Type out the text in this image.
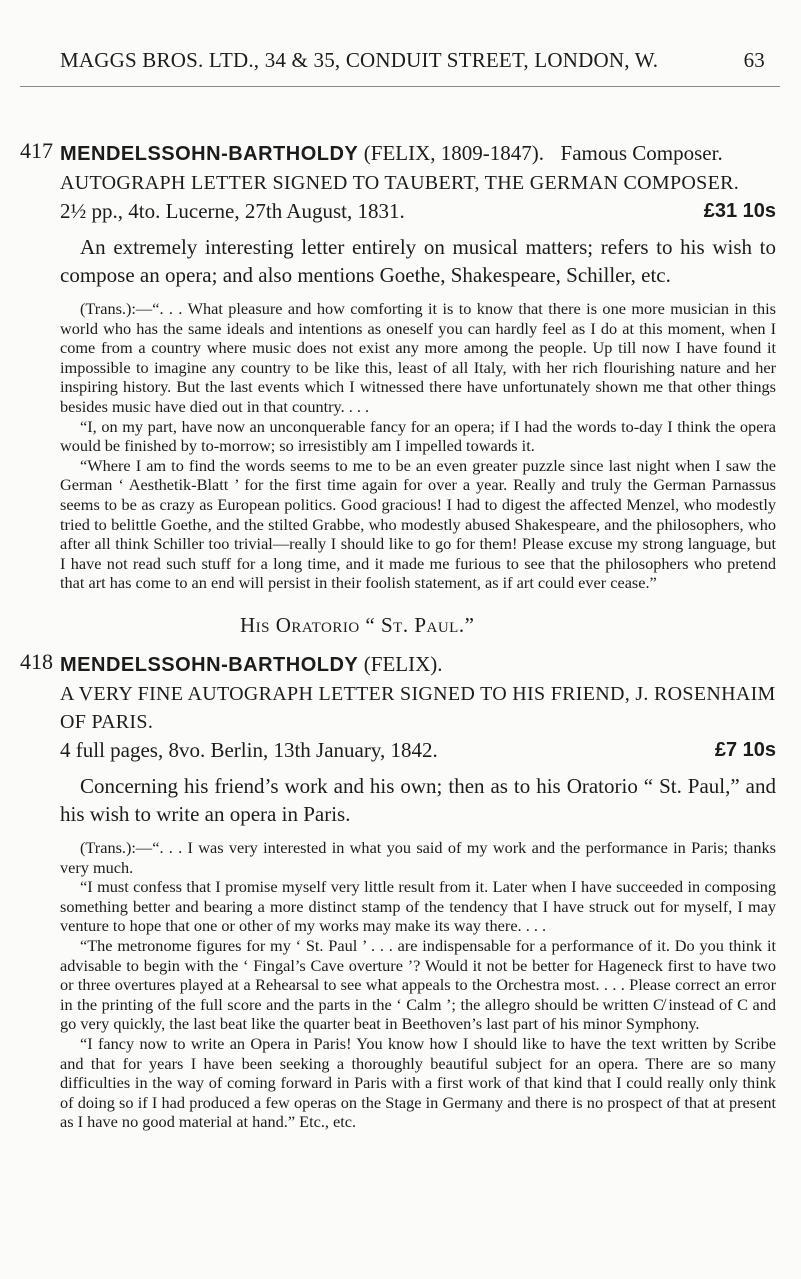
MAGGS BROS. LTD., 34 & 35, CONDUIT STREET, LONDON, W.	63
417 MENDELSSOHN-BARTHOLDY (FELIX, 1809-1847). Famous Composer.
AUTOGRAPH LETTER SIGNED TO TAUBERT, THE GERMAN COMPOSER.
2½ pp., 4to. Lucerne, 27th August, 1831.	£31 10s

An extremely interesting letter entirely on musical matters; refers to his wish to compose an opera; and also mentions Goethe, Shakespeare, Schiller, etc.

(Trans.):—“. . . What pleasure and how comforting it is to know that there is one more musician in this world who has the same ideals and intentions as oneself you can hardly feel as I do at this moment, when I come from a country where music does not exist any more among the people. Up till now I have found it impossible to imagine any country to be like this, least of all Italy, with her rich flourishing nature and her inspiring history. But the last events which I witnessed there have unfortunately shown me that other things besides music have died out in that country. . . .

“I, on my part, have now an unconquerable fancy for an opera; if I had the words to-day I think the opera would be finished by to-morrow; so irresistibly am I impelled towards it.

“Where I am to find the words seems to me to be an even greater puzzle since last night when I saw the German ‘ Aesthetik-Blatt ’ for the first time again for over a year. Really and truly the German Parnassus seems to be as crazy as European politics. Good gracious! I had to digest the affected Menzel, who modestly tried to belittle Goethe, and the stilted Grabbe, who modestly abused Shakespeare, and the philosophers, who after all think Schiller too trivial—really I should like to go for them! Please excuse my strong language, but I have not read such stuff for a long time, and it made me furious to see that the philosophers who pretend that art has come to an end will persist in their foolish statement, as if art could ever cease.”

His Oratorio “ St. Paul.”
418 MENDELSSOHN-BARTHOLDY (FELIX).
A VERY FINE AUTOGRAPH LETTER SIGNED TO HIS FRIEND, J. ROSENHAIM OF PARIS.
4 full pages, 8vo. Berlin, 13th January, 1842.	£7 10s

Concerning his friend’s work and his own; then as to his Oratorio “ St. Paul,” and his wish to write an opera in Paris.

(Trans.):—“. . . I was very interested in what you said of my work and the performance in Paris; thanks very much.

“I must confess that I promise myself very little result from it. Later when I have succeeded in composing something better and bearing a more distinct stamp of the tendency that I have struck out for myself, I may venture to hope that one or other of my works may make its way there. . . .

“The metronome figures for my ‘ St. Paul ’ . . . are indispensable for a performance of it. Do you think it advisable to begin with the ‘ Fingal’s Cave overture ’? Would it not be better for Hageneck first to have two or three overtures played at a Rehearsal to see what appeals to the Orchestra most. . . . Please correct an error in the printing of the full score and the parts in the ‘ Calm ’; the allegro should be written C̸ instead of C and go very quickly, the last beat like the quarter beat in Beethoven’s last part of his minor Symphony.

“I fancy now to write an Opera in Paris! You know how I should like to have the text written by Scribe and that for years I have been seeking a thoroughly beautiful subject for an opera. There are so many difficulties in the way of coming forward in Paris with a first work of that kind that I could really only think of doing so if I had produced a few operas on the Stage in Germany and there is no prospect of that at present as I have no good material at hand.” Etc., etc.
